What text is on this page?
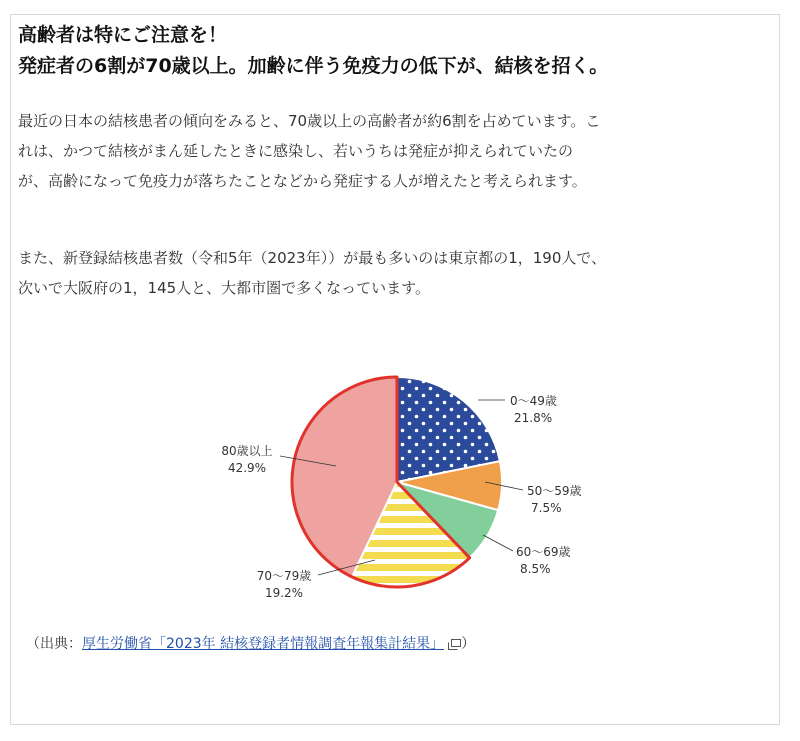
高齢者は特にご注意を！
発症者の6割が70歳以上。加齢に伴う免疫力の低下が、結核を招く。

最近の日本の結核患者の傾向をみると、70歳以上の高齢者が約6割を占めています。こ
れは、かつて結核がまん延したときに感染し、若いうちは発症が抑えられていたの
が、高齢になって免疫力が落ちたことなどから発症する人が増えたと考えられます。

また、新登録結核患者数（令和5年（2023年））が最も多いのは東京都の1，190人で、
次いで大阪府の1，145人と、大都市圏で多くなっています。

0～49歳
21.8%
50～59歳
7.5%
60～69歳
8.5%
70～79歳
19.2%
80歳以上
42.9%

（出典：厚生労働省「2023年 結核登録者情報調査年報集計結果」 ）
